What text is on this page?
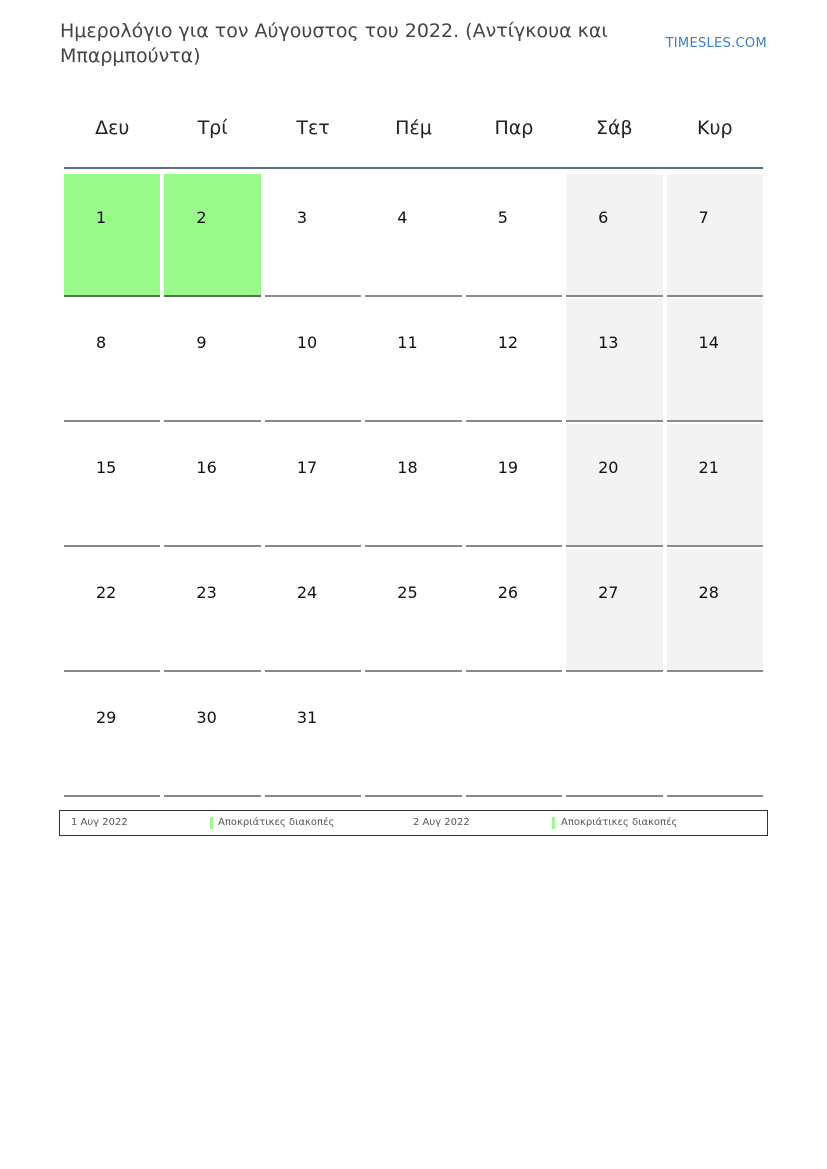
Ημερολόγιο για τον Αύγουστος του 2022. (Αντίγκουα και Μπαρμπούντα)
TIMESLES.COM
Δευ	Τρί	Τετ	Πέμ	Παρ	Σάβ	Κυρ
1	2	3	4	5	6	7
8	9	10	11	12	13	14
15	16	17	18	19	20	21
22	23	24	25	26	27	28
29	30	31
1 Αυγ 2022	Αποκριάτικες διακοπές	2 Αυγ 2022	Αποκριάτικες διακοπές
